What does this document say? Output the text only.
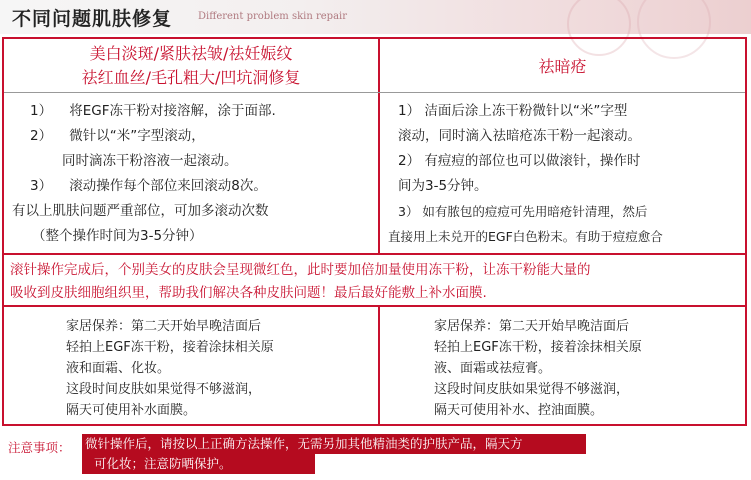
不同问题肌肤修复	Different problem skin repair
美白淡斑/紧肤祛皱/祛妊娠纹
祛红血丝/毛孔粗大/凹坑洞修复
祛暗疮
1） 将EGF冻干粉对接溶解，涂于面部.
2） 微针以“米”字型滚动，
同时滴冻干粉溶液一起滚动。
3） 滚动操作每个部位来回滚动8次。
有以上肌肤问题严重部位，可加多滚动次数
（整个操作时间为3-5分钟）
1） 洁面后涂上冻干粉微针以“米”字型
滚动，同时滴入祛暗疮冻干粉一起滚动。
2） 有痘痘的部位也可以做滚针，操作时
间为3-5分钟。
3） 如有脓包的痘痘可先用暗疮针清理，然后
直接用上未兑开的EGF白色粉末。有助于痘痘愈合
滚针操作完成后，个别美女的皮肤会呈现微红色，此时要加倍加量使用冻干粉，让冻干粉能大量的
吸收到皮肤细胞组织里，帮助我们解决各种皮肤问题！最后最好能敷上补水面膜.
家居保养：第二天开始早晚洁面后
轻拍上EGF冻干粉，接着涂抹相关原
液和面霜、化妆。
这段时间皮肤如果觉得不够滋润，
隔天可使用补水面膜。
家居保养：第二天开始早晚洁面后
轻拍上EGF冻干粉，接着涂抹相关原
液、面霜或祛痘膏。
这段时间皮肤如果觉得不够滋润，
隔天可使用补水、控油面膜。
注意事项： 微针操作后，请按以上正确方法操作，无需另加其他精油类的护肤产品，隔天方
可化妆；注意防晒保护。
